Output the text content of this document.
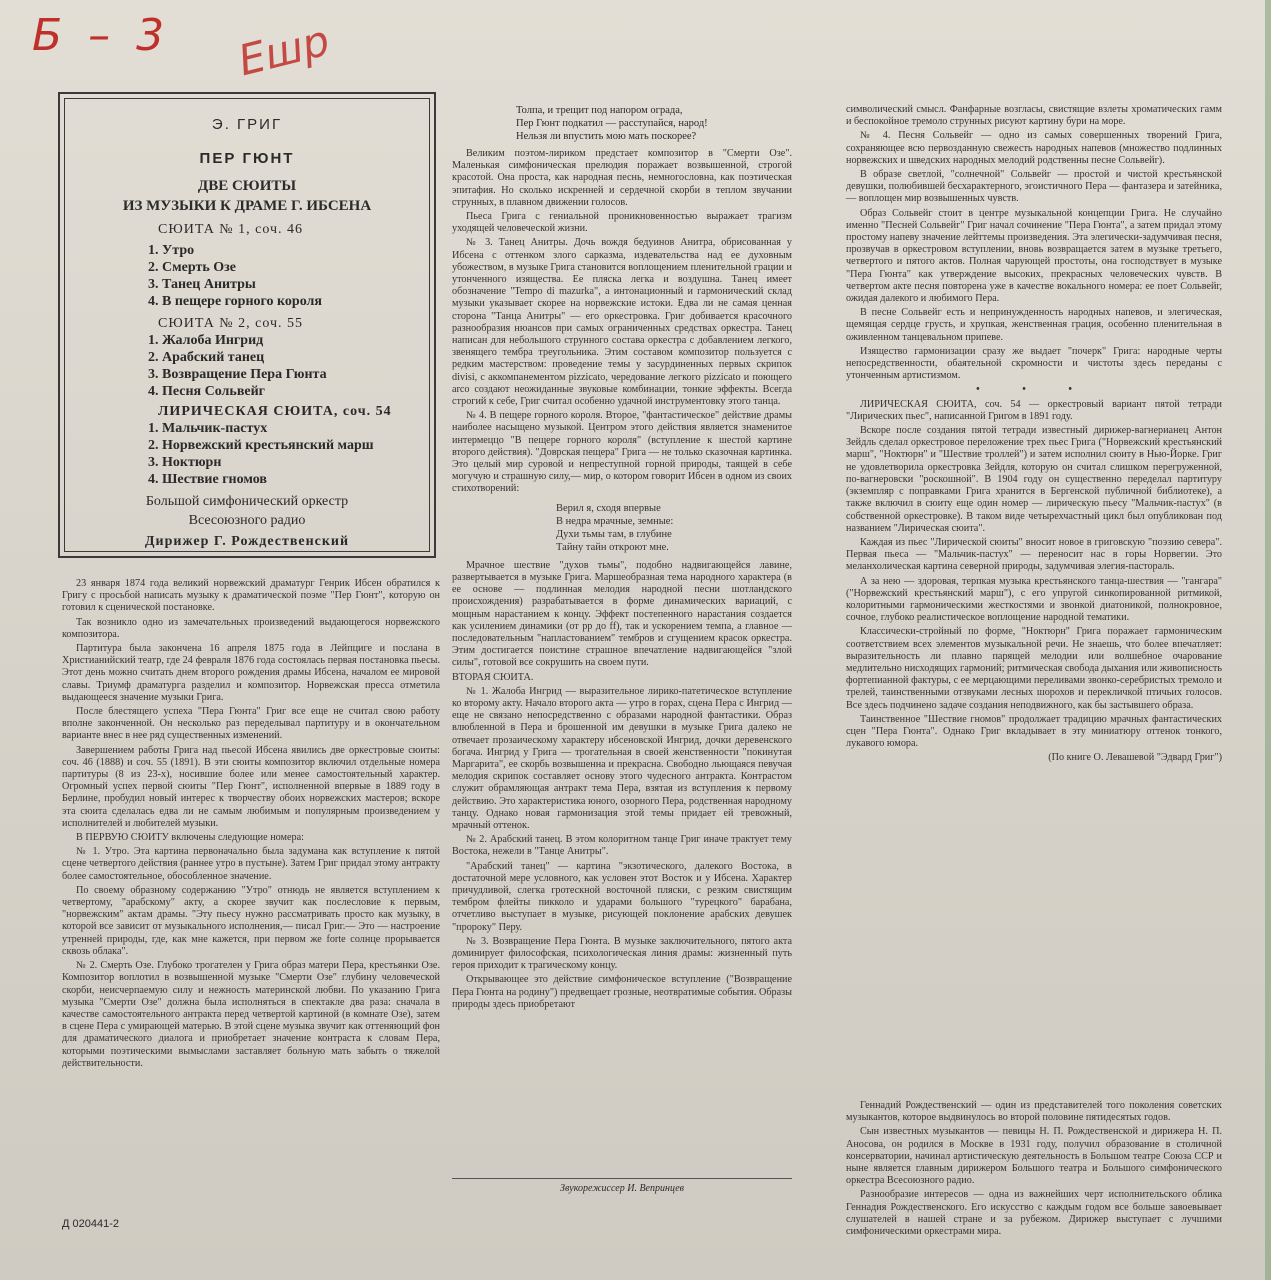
Б – 3 Ешр
Э. ГРИГ
ПЕР ГЮНТ
ДВЕ СЮИТЫ
ИЗ МУЗЫКИ К ДРАМЕ Г. ИБСЕНА
СЮИТА № 1, соч. 46
1. Утро
2. Смерть Озе
3. Танец Анитры
4. В пещере горного короля
СЮИТА № 2, соч. 55
1. Жалоба Ингрид
2. Арабский танец
3. Возвращение Пера Гюнта
4. Песня Сольвейг
ЛИРИЧЕСКАЯ СЮИТА, соч. 54
1. Мальчик-пастух
2. Норвежский крестьянский марш
3. Ноктюрн
4. Шествие гномов
Большой симфонический оркестр
Всесоюзного радио
Дирижер Г. Рождественский

23 января 1874 года великий норвежский драматург Генрик Ибсен обратился к Григу с просьбой написать музыку к драматической поэме "Пер Гюнт", которую он готовил к сценической постановке.

Так возникло одно из замечательных произведений выдающегося норвежского композитора.

Партитура была закончена 16 апреля 1875 года в Лейпциге и послана в Христианийский театр, где 24 февраля 1876 года состоялась первая постановка пьесы. Этот день можно считать днем второго рождения драмы Ибсена, началом ее мировой славы. Триумф драматурга разделил и композитор. Норвежская пресса отметила выдающееся значение музыки Грига.

После блестящего успеха "Пера Гюнта" Григ все еще не считал свою работу вполне законченной. Он несколько раз переделывал партитуру и в окончательном варианте внес в нее ряд существенных изменений.

Завершением работы Грига над пьесой Ибсена явились две оркестровые сюиты: соч. 46 (1888) и соч. 55 (1891). В эти сюиты композитор включил отдельные номера партитуры (8 из 23-х), носившие более или менее самостоятельный характер. Огромный успех первой сюиты "Пер Гюнт", исполненной впервые в 1889 году в Берлине, пробудил новый интерес к творчеству обоих норвежских мастеров; вскоре эта сюита сделалась едва ли не самым любимым и популярным произведением у исполнителей и любителей музыки.

В ПЕРВУЮ СЮИТУ включены следующие номера:

№ 1. Утро. Эта картина первоначально была задумана как вступление к пятой сцене четвертого действия (раннее утро в пустыне). Затем Григ придал этому антракту более самостоятельное, обособленное значение.

По своему образному содержанию "Утро" отнюдь не является вступлением к четвертому, "арабскому" акту, а скорее звучит как послесловие к первым, "норвежским" актам драмы. "Эту пьесу нужно рассматривать просто как музыку, в которой все зависит от музыкального исполнения,— писал Григ.— Это — настроение утренней природы, где, как мне кажется, при первом же forte солнце прорывается сквозь облака".

№ 2. Смерть Озе. Глубоко трогателен у Грига образ матери Пера, крестьянки Озе. Композитор воплотил в возвышенной музыке "Смерти Озе" глубину человеческой скорби, неисчерпаемую силу и нежность материнской любви. По указанию Грига музыка "Смерти Озе" должна была исполняться в спектакле два раза: сначала в качестве самостоятельного антракта перед четвертой картиной (в комнате Озе), затем в сцене Пера с умирающей матерью. В этой сцене музыка звучит как оттеняющий фон для драматического диалога и приобретает значение контраста к словам Пера, которыми поэтическими вымыслами заставляет больную мать забыть о тяжелой действительности.

Толпа, и трещит под напором ограда,
Пер Гюнт подкатил — расступайся, народ!
Нельзя ли впустить мою мать поскорее?

Великим поэтом-лириком предстает композитор в "Смерти Озе". Маленькая симфоническая прелюдия поражает возвышенной, строгой красотой. Она проста, как народная песнь, немногословна, как поэтическая эпитафия. Но сколько искренней и сердечной скорби в теплом звучании струнных, в плавном движении голосов.

Пьеса Грига с гениальной проникновенностью выражает трагизм уходящей человеческой жизни.

№ 3. Танец Анитры. Дочь вождя бедуинов Анитра, обрисованная у Ибсена с оттенком злого сарказма, издевательства над ее духовным убожеством, в музыке Грига становится воплощением пленительной грации и утонченного изящества. Ее пляска легка и воздушна. Танец имеет обозначение "Tempo di mazurka", а интонационный и гармонический склад музыки указывает скорее на норвежские истоки. Едва ли не самая ценная сторона "Танца Анитры" — его оркестровка. Григ добивается красочного разнообразия нюансов при самых ограниченных средствах оркестра. Танец написан для небольшого струнного состава оркестра с добавлением легкого, звенящего тембра треугольника. Этим составом композитор пользуется с редким мастерством: проведение темы у засурдиненных первых скрипок divisi, с аккомпанементом pizzicato, чередование легкого pizzicato и поющего arco создают неожиданные звуковые комбинации, тонкие эффекты. Всегда строгий к себе, Григ считал особенно удачной инструментовку этого танца.

№ 4. В пещере горного короля. Второе, "фантастическое" действие драмы наиболее насыщено музыкой. Центром этого действия является знаменитое интермеццо "В пещере горного короля" (вступление к шестой картине второго действия). "Доврская пещера" Грига — не только сказочная картинка. Это целый мир суровой и непреступной горной природы, таящей в себе могучую и страшную силу,— мир, о котором говорит Ибсен в одном из своих стихотворений:

Верил я, сходя впервые
В недра мрачные, земные:
Духи тьмы там, в глубине
Тайну тайн откроют мне.

Мрачное шествие "духов тьмы", подобно надвигающейся лавине, развертывается в музыке Грига. Маршеобразная тема народного характера (в ее основе — подлинная мелодия народной песни шотландского происхождения) разрабатывается в форме динамических вариаций, с мощным нарастанием к концу. Эффект постепенного нарастания создается как усилением динамики (от pp до ff), так и ускорением темпа, а главное — последовательным "напластованием" тембров и сгущением красок оркестра. Этим достигается поистине страшное впечатление надвигающейся "злой силы", готовой все сокрушить на своем пути.

ВТОРАЯ СЮИТА.

№ 1. Жалоба Ингрид — выразительное лирико-патетическое вступление ко второму акту. Начало второго акта — утро в горах, сцена Пера с Ингрид — еще не связано непосредственно с образами народной фантастики. Образ влюбленной в Пера и брошенной им девушки в музыке Грига далеко не отвечает прозаическому характеру ибсеновской Ингрид, дочки деревенского богача. Ингрид у Грига — трогательная в своей женственности "покинутая Маргарита", ее скорбь возвышенна и прекрасна. Свободно льющаяся певучая мелодия скрипок составляет основу этого чудесного антракта. Контрастом служит обрамляющая антракт тема Пера, взятая из вступления к первому действию. Это характеристика юного, озорного Пера, родственная народному танцу. Однако новая гармонизация этой темы придает ей тревожный, мрачный оттенок.

№ 2. Арабский танец. В этом колоритном танце Григ иначе трактует тему Востока, нежели в "Танце Анитры".

"Арабский танец" — картина "экзотического, далекого Востока, в достаточной мере условного, как условен этот Восток и у Ибсена. Характер причудливой, слегка гротескной восточной пляски, с резким свистящим тембром флейты пикколо и ударами большого "турецкого" барабана, отчетливо выступает в музыке, рисующей поклонение арабских девушек "пророку" Перу.

№ 3. Возвращение Пера Гюнта. В музыке заключительного, пятого акта доминирует философская, психологическая линия драмы: жизненный путь героя приходит к трагическому концу.

Открывающее это действие симфоническое вступление ("Возвращение Пера Гюнта на родину") предвещает грозные, неотвратимые события. Образы природы здесь приобретают

Звукорежиссер И. Вепринцев

символический смысл. Фанфарные возгласы, свистящие взлеты хроматических гамм и беспокойное тремоло струнных рисуют картину бури на море.

№ 4. Песня Сольвейг — одно из самых совершенных творений Грига, сохраняющее всю первозданную свежесть народных напевов (множество подлинных норвежских и шведских народных мелодий родственны песне Сольвейг).

В образе светлой, "солнечной" Сольвейг — простой и чистой крестьянской девушки, полюбившей бесхарактерного, эгоистичного Пера — фантазера и затейника, — воплощен мир возвышенных чувств.

Образ Сольвейг стоит в центре музыкальной концепции Грига. Не случайно именно "Песней Сольвейг" Григ начал сочинение "Пера Гюнта", а затем придал этому простому напеву значение лейттемы произведения. Эта элегически-задумчивая песня, прозвучав в оркестровом вступлении, вновь возвращается затем в музыке третьего, четвертого и пятого актов. Полная чарующей простоты, она господствует в музыке "Пера Гюнта" как утверждение высоких, прекрасных человеческих чувств. В четвертом акте песня повторена уже в качестве вокального номера: ее поет Сольвейг, ожидая далекого и любимого Пера.

В песне Сольвейг есть и непринужденность народных напевов, и элегическая, щемящая сердце грусть, и хрупкая, женственная грация, особенно пленительная в оживленном танцевальном припеве.

Изящество гармонизации сразу же выдает "почерк" Грига: народные черты непосредственности, обаятельной скромности и чистоты здесь переданы с утонченным артистизмом.

• • •

ЛИРИЧЕСКАЯ СЮИТА, соч. 54 — оркестровый вариант пятой тетради "Лирических пьес", написанной Григом в 1891 году.

Вскоре после создания пятой тетради известный дирижер-вагнерианец Антон Зейдль сделал оркестровое переложение трех пьес Грига ("Норвежский крестьянский марш", "Ноктюрн" и "Шествие троллей") и затем исполнил сюиту в Нью-Йорке. Григ не удовлетворила оркестровка Зейдля, которую он считал слишком перегруженной, по-вагнеровски "роскошной". В 1904 году он существенно переделал партитуру (экземпляр с поправками Грига хранится в Бергенской публичной библиотеке), а также включил в сюиту еще один номер — лирическую пьесу "Мальчик-пастух" (в собственной оркестровке). В таком виде четырехчастный цикл был опубликован под названием "Лирическая сюита".

Каждая из пьес "Лирической сюиты" вносит новое в григовскую "поэзию севера". Первая пьеса — "Мальчик-пастух" — переносит нас в горы Норвегии. Это меланхолическая картина северной природы, задумчивая элегия-пастораль.

А за нею — здоровая, терпкая музыка крестьянского танца-шествия — "гангара" ("Норвежский крестьянский марш"), с его упругой синкопированной ритмикой, колоритными гармоническими жесткостями и звонкой диатоникой, полнокровное, сочное, глубоко реалистическое воплощение народной тематики.

Классически-стройный по форме, "Ноктюрн" Грига поражает гармоническим соответствием всех элементов музыкальной речи. Не знаешь, что более впечатляет: выразительность ли плавно парящей мелодии или волшебное очарование медлительно нисходящих гармоний; ритмическая свобода дыхания или живописность фортепианной фактуры, с ее мерцающими переливами звонко-серебристых тремоло и трелей, таинственными отзвуками лесных шорохов и перекличкой птичьих голосов. Все здесь подчинено задаче создания неподвижного, как бы застывшего образа.

Таинственное "Шествие гномов" продолжает традицию мрачных фантастических сцен "Пера Гюнта". Однако Григ вкладывает в эту миниатюру оттенок тонкого, лукавого юмора.

(По книге О. Левашевой "Эдвард Григ")

Геннадий Рождественский — один из представителей того поколения советских музыкантов, которое выдвинулось во второй половине пятидесятых годов.

Сын известных музыкантов — певицы Н. П. Рождественской и дирижера Н. П. Аносова, он родился в Москве в 1931 году, получил образование в столичной консерватории, начинал артистическую деятельность в Большом театре Союза ССР и ныне является главным дирижером Большого театра и Большого симфонического оркестра Всесоюзного радио.

Разнообразие интересов — одна из важнейших черт исполнительского облика Геннадия Рождественского. Его искусство с каждым годом все больше завоевывает слушателей в нашей стране и за рубежом. Дирижер выступает с лучшими симфоническими оркестрами мира.

Д 020441-2
